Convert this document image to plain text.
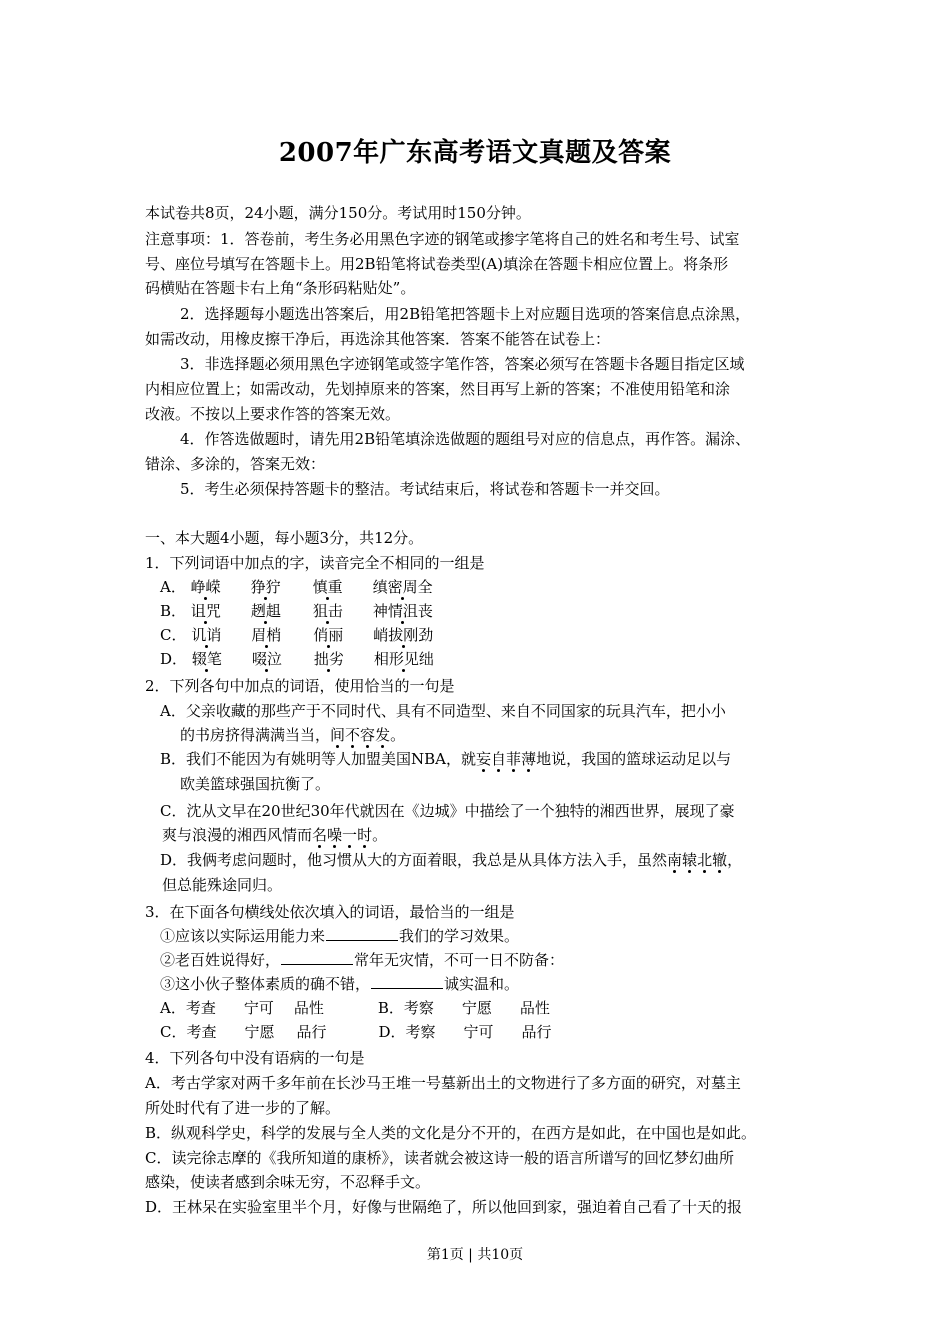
2007年广东高考语文真题及答案
本试卷共8页，24小题，满分150分。考试用时150分钟。
注意事项：1．答卷前，考生务必用黑色字迹的钢笔或掺字笔将自己的姓名和考生号、试室
号、座位号填写在答题卡上。用2B铅笔将试卷类型(A)填涂在答题卡相应位置上。将条形
码横贴在答题卡右上角“条形码粘贴处”。
2．选择题每小题选出答案后，用2B铅笔把答题卡上对应题目选项的答案信息点涂黑，
如需改动，用橡皮擦干净后，再选涂其他答案．答案不能答在试卷上：
3．非选择题必须用黑色字迹钢笔或签字笔作答，答案必须写在答题卡各题目指定区域
内相应位置上；如需改动，先划掉原来的答案，然目再写上新的答案；不准使用铅笔和涂
改液。不按以上要求作答的答案无效。
4．作答选做题时，请先用2B铅笔填涂选做题的题组号对应的信息点，再作答。漏涂、
错涂、多涂的，答案无效：
5．考生必须保持答题卡的整洁。考试结束后，将试卷和答题卡一并交回。
一、本大题4小题，每小题3分，共12分。
1．下列词语中加点的字，读音完全不相同的一组是
A． 峥嵘 狰狞 慎重 缜密周全
B． 诅咒 趔趄 狙击 神情沮丧
C． 讥诮 眉梢 俏丽 峭拔刚劲
D． 辍笔 啜泣 拙劣 相形见绌
2．下列各句中加点的词语，使用恰当的一句是
A．父亲收藏的那些产于不同时代、具有不同造型、来自不同国家的玩具汽车，把小小
的书房挤得满满当当，间不容发。
B．我们不能因为有姚明等人加盟美国NBA，就妄自菲薄地说，我国的篮球运动足以与
欧美篮球强国抗衡了。
C．沈从文早在20世纪30年代就因在《边城》中描绘了一个独特的湘西世界，展现了豪
爽与浪漫的湘西风情而名噪一时。
D．我俩考虑问题时，他习惯从大的方面着眼，我总是从具体方法入手，虽然南辕北辙，
但总能殊途同归。
3．在下面各句横线处依次填入的词语，最恰当的一组是
①应该以实际运用能力来	我们的学习效果。
②老百姓说得好，	常年无灾情，不可一日不防备：
③这小伙子整体素质的确不错，	诚实温和。
A．考查 宁可 品性	B．考察 宁愿 品性
C．考查 宁愿 品行	D．考察 宁可 品行
4．下列各句中没有语病的一句是
A．考古学家对两千多年前在长沙马王堆一号墓新出土的文物进行了多方面的研究，对墓主
所处时代有了进一步的了解。
B．纵观科学史，科学的发展与全人类的文化是分不开的，在西方是如此，在中国也是如此。
C．读完徐志摩的《我所知道的康桥》，读者就会被这诗一般的语言所谱写的回忆梦幻曲所
感染，使读者感到余味无穷，不忍释手文。
D．王林呆在实验室里半个月，好像与世隔绝了，所以他回到家，强迫着自己看了十天的报
第1页 | 共10页
